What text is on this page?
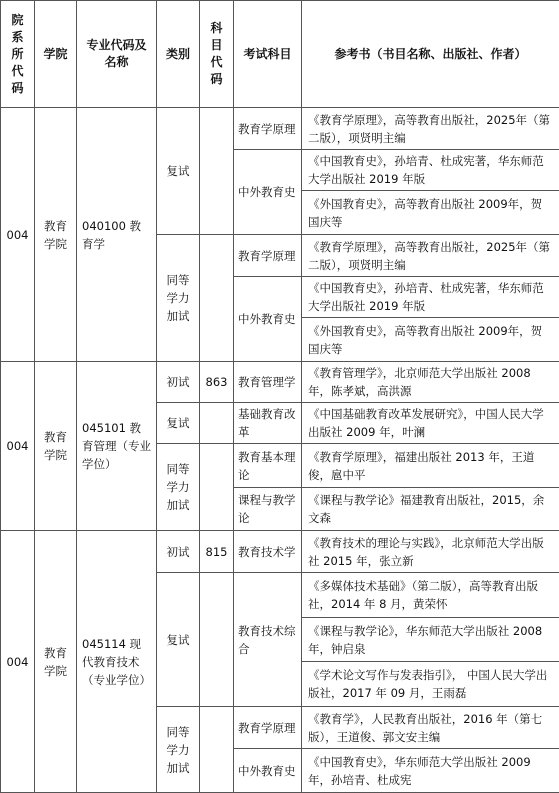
院系所代码	学院	专业代码及名称	类别	科目代码	考试科目	参考书（书目名称、出版社、作者）
004	教育学院	040100 教育学	复试		教育学原理	《教育学原理》，高等教育出版社，2025年（第二版），项贤明主编
					中外教育史	《中国教育史》，孙培青、杜成宪著，华东师范大学出版社 2019 年版
						《外国教育史》，高等教育出版社 2009年，贺国庆等

			同等学力加试		教育学原理	《教育学原理》，高等教育出版社，2025年（第二版），项贤明主编
					中外教育史	《中国教育史》，孙培青、杜成宪著，华东师范大学出版社 2019 年版
						《外国教育史》，高等教育出版社 2009年，贺国庆等

004	教育学院	045101 教育管理（专业学位）	初试	863	教育管理学	《教育管理学》，北京师范大学出版社 2008年，陈孝斌，高洪源
			复试		基础教育改革	《中国基础教育改革发展研究》，中国人民大学出版社 2009 年，叶澜
			同等学力加试		教育基本理论	《教育学原理》，福建出版社 2013 年，王道俊，扈中平
					课程与教学论	《课程与教学论》福建教育出版社，2015，余文森

004	教育学院	045114 现代教育技术（专业学位）	初试	815	教育技术学	《教育技术的理论与实践》，北京师范大学出版社 2015 年，张立新
			复试		教育技术综合	《多媒体技术基础》（第二版），高等教育出版社，2014 年 8 月，黄荣怀
						《课程与教学论》，华东师范大学出版社 2008 年，钟启泉
						《学术论文写作与发表指引》， 中国人民大学出版社，2017 年 09 月，王雨磊
			同等学力加试		教育学原理	《教育学》，人民教育出版社，2016 年（第七版），王道俊、郭文安主编
					中外教育史	《中国教育史》，华东师范大学出版社 2009 年，孙培青、杜成宪
